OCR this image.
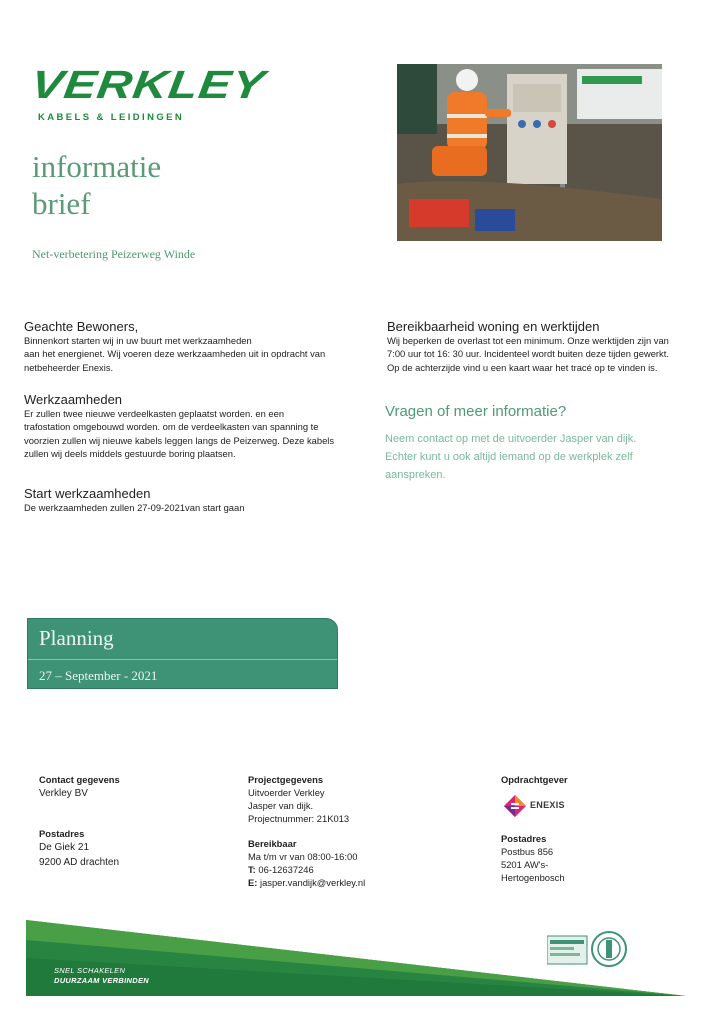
VERKLEY
KABELS & LEIDINGEN
informatie
brief
Net-verbetering Peizerweg Winde
Geachte Bewoners,
Binnenkort starten wij in uw buurt met werkzaamheden
aan het energienet. Wij voeren deze werkzaamheden uit in opdracht van
netbeheerder Enexis.
Werkzaamheden
Er zullen twee nieuwe verdeelkasten geplaatst worden. en een
trafostation omgebouwd worden. om de verdeelkasten van spanning te
voorzien zullen wij nieuwe kabels leggen langs de Peizerweg. Deze kabels
zullen wij deels middels gestuurde boring plaatsen.
Start werkzaamheden
De werkzaamheden zullen 27-09-2021van start gaan
Bereikbaarheid woning en werktijden
Wij beperken de overlast tot een minimum. Onze werktijden zijn van
7:00 uur tot 16: 30 uur. Incidenteel wordt buiten deze tijden gewerkt.
Op de achterzijde vind u een kaart waar het tracé op te vinden is.
Vragen of meer informatie?
Neem contact op met de uitvoerder Jasper van dijk.
Echter kunt u ook altijd iemand op de werkplek zelf
aanspreken.
Planning
27 – September - 2021
Contact gegevens
Verkley BV
Postadres
De Giek 21
9200 AD drachten
Projectgegevens
Uitvoerder Verkley
Jasper van dijk.
Projectnummer: 21K013
Bereikbaar
Ma t/m vr van 08:00-16:00
T: 06-12637246
E: jasper.vandijk@verkley.nl
Opdrachtgever
Postadres
Postbus 856
5201 AW's-
Hertogenbosch
ENEXIS
SNEL SCHAKELEN
DUURZAAM VERBINDEN
